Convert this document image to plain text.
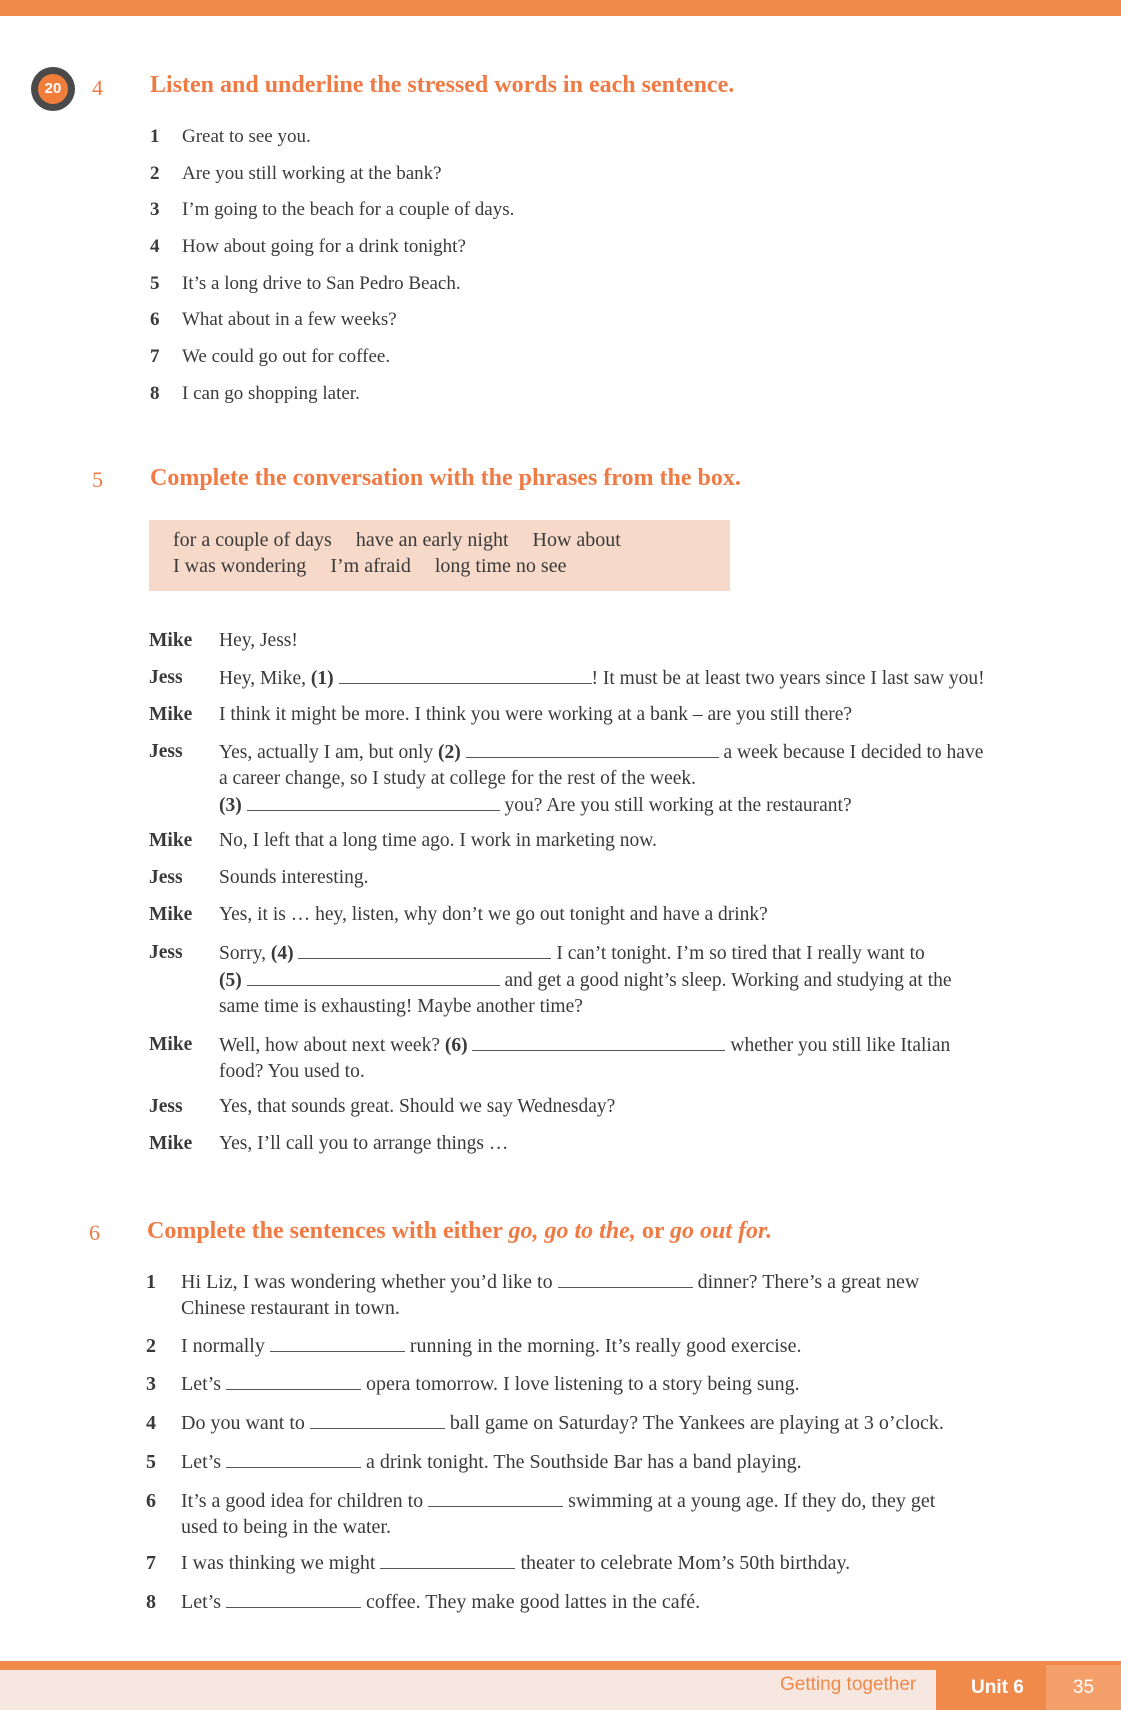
20	4 Listen and underline the stressed words in each sentence.
1 Great to see you.
2 Are you still working at the bank?
3 I’m going to the beach for a couple of days.
4 How about going for a drink tonight?
5 It’s a long drive to San Pedro Beach.
6 What about in a few weeks?
7 We could go out for coffee.
8 I can go shopping later.
5 Complete the conversation with the phrases from the box.
for a couple of days have an early night How about
I was wondering I’m afraid long time no see
Mike Hey, Jess!
Jess Hey, Mike, (1)	! It must be at least two years since I last saw you!
Mike I think it might be more. I think you were working at a bank – are you still there?
Jess Yes, actually I am, but only (2)	a week because I decided to have
a career change, so I study at college for the rest of the week.
(3)	you? Are you still working at the restaurant?
Mike No, I left that a long time ago. I work in marketing now.
Jess Sounds interesting.
Mike Yes, it is … hey, listen, why don’t we go out tonight and have a drink?
Jess Sorry, (4)	I can’t tonight. I’m so tired that I really want to
(5)	and get a good night’s sleep. Working and studying at the
same time is exhausting! Maybe another time?
Mike Well, how about next week? (6)	whether you still like Italian
food? You used to.
Jess Yes, that sounds great. Should we say Wednesday?
Mike Yes, I’ll call you to arrange things …
6 Complete the sentences with either go, go to the, or go out for.
1 Hi Liz, I was wondering whether you’d like to	dinner? There’s a great new
Chinese restaurant in town.
2 I normally	running in the morning. It’s really good exercise.
3 Let’s	opera tomorrow. I love listening to a story being sung.
4 Do you want to	ball game on Saturday? The Yankees are playing at 3 o’clock.
5 Let’s	a drink tonight. The Southside Bar has a band playing.
6 It’s a good idea for children to	swimming at a young age. If they do, they get
used to being in the water.
7 I was thinking we might	theater to celebrate Mom’s 50th birthday.
8 Let’s	coffee. They make good lattes in the café.
Getting together	Unit 6	35
